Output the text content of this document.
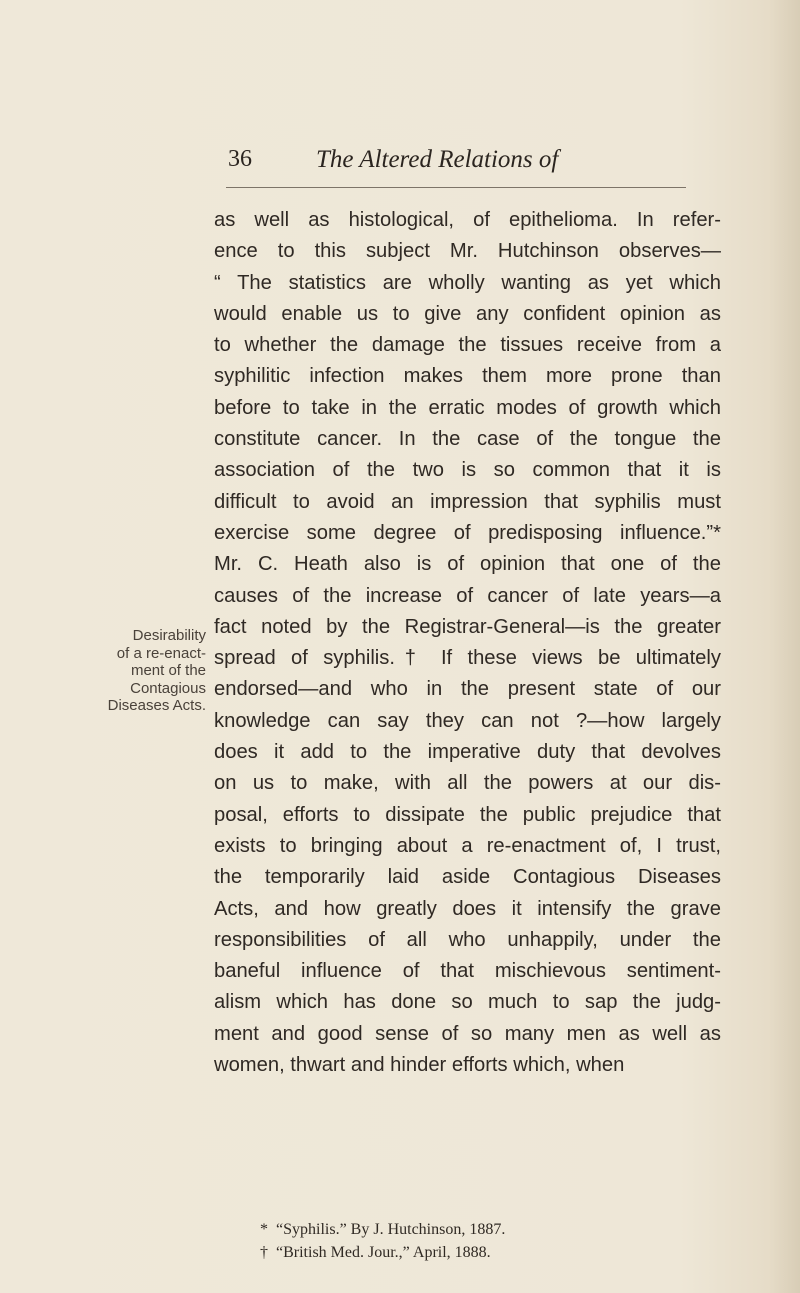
36	The Altered Relations of
Desirability
of a re-enact-
ment of the
Contagious
Diseases Acts.
as well as histological, of epithelioma. In refer-
ence to this subject Mr. Hutchinson observes—
“ The statistics are wholly wanting as yet which
would enable us to give any confident opinion as
to whether the damage the tissues receive from a
syphilitic infection makes them more prone than
before to take in the erratic modes of growth which
constitute cancer. In the case of the tongue the
association of the two is so common that it is
difficult to avoid an impression that syphilis must
exercise some degree of predisposing influence.”*
Mr. C. Heath also is of opinion that one of the
causes of the increase of cancer of late years—a
fact noted by the Registrar-General—is the greater
spread of syphilis.† If these views be ultimately
endorsed—and who in the present state of our
knowledge can say they can not ?—how largely
does it add to the imperative duty that devolves
on us to make, with all the powers at our dis-
posal, efforts to dissipate the public prejudice that
exists to bringing about a re-enactment of, I trust,
the temporarily laid aside Contagious Diseases
Acts, and how greatly does it intensify the grave
responsibilities of all who unhappily, under the
baneful influence of that mischievous sentiment-
alism which has done so much to sap the judg-
ment and good sense of so many men as well as
women, thwart and hinder efforts which, when
* “Syphilis.” By J. Hutchinson, 1887.
† “British Med. Jour.,” April, 1888.
